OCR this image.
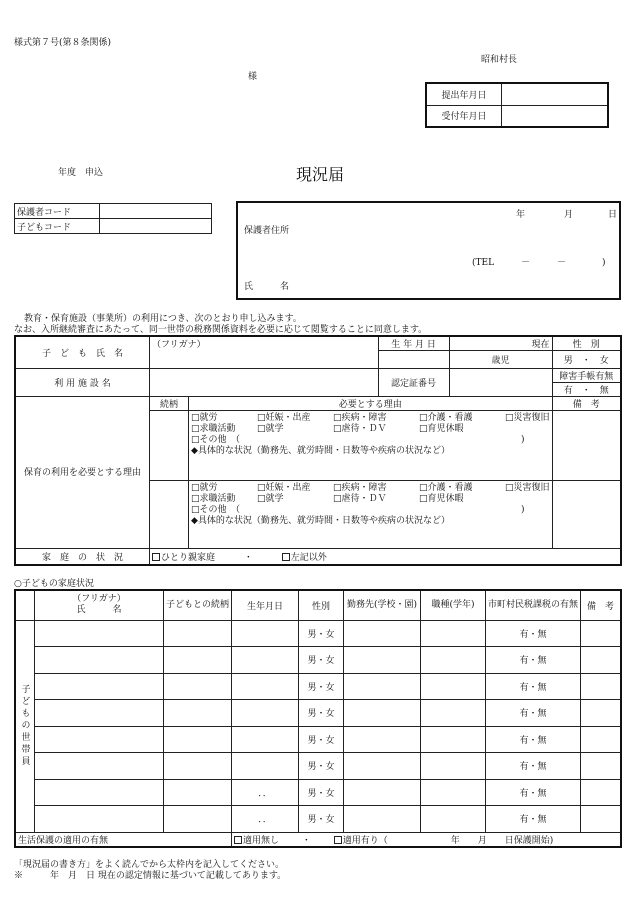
様式第７号(第８条関係)
昭和村長
様
提出年月日	
受付年月日	
年度　申込	現況届
保護者コード	
子どもコード	
年	月	日
保護者住所
(TEL　　　－　　　－　　　　)
氏　　　名
教育・保育施設（事業所）の利用につき、次のとおり申し込みます。
なお、入所継続審査にあたって、同一世帯の税務関係資料を必要に応じて閲覧することに同意します。
子　ど　も　氏　名	（フリガナ）		生 年 月 日	現在	性　別
				歳児	男　・　女
利 用 施 設 名			認定証番号		障害手帳有無
					有　・　無
保育の利用を必要とする理由	続柄	必要とする理由			備　考

		□就労 □妊娠・出産 □疾病・障害 □介護・看護 □災害復旧
□求職活動 □就学 □虐待・ＤＶ □育児休暇
□その他　（ )
◆具体的な状況（勤務先、就労時間・日数等や疾病の状況など）			

		□就労 □妊娠・出産 □疾病・障害 □介護・看護 □災害復旧
□求職活動 □就学 □虐待・ＤＶ □育児休暇
□その他　（ )
◆具体的な状況（勤務先、就労時間・日数等や疾病の状況など）			

家　庭　の　状　況	ひとり親家庭 ・ 左記以外				
○子どもの家庭状況

	（フリガナ）
氏　　　名	子どもとの続柄	生年月日	性別	勤務先(学校・園)	職種(学年)	市町村民税課税の有無	備　考
子どもの世帯員				男・女			有・無	
				男・女			有・無	
				男・女			有・無	
				男・女			有・無	
				男・女			有・無	
				男・女			有・無	
			．．	男・女			有・無	
			．．	男・女			有・無	
生活保護の適用の有無			適用無し ・ 適用有り（ 年　　月　　日保護開始)					
「現況届の書き方」をよく読んでから太枠内を記入してください。
※　　　年　月　日 現在の認定情報に基づいて記載してあります。
